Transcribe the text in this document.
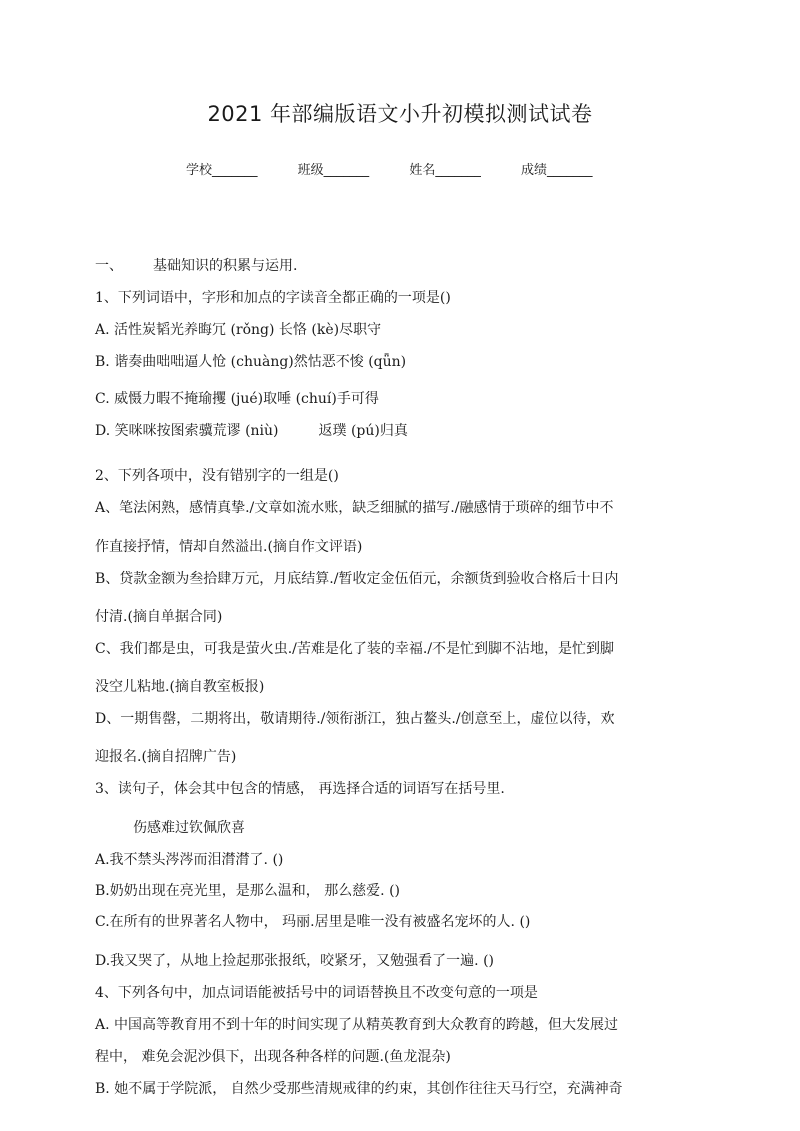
2021 年部编版语文小升初模拟测试试卷
学校_______	班级_______	姓名_______	成绩_______
一、 基础知识的积累与运用.
1、下列词语中，字形和加点的字读音全都正确的一项是()
A. 活性炭韬光养晦冗 (rǒng) 长恪 (kè)尽职守
B. 谐奏曲咄咄逼人怆 (chuàng)然怙恶不悛 (qǖn)
C. 威慑力暇不掩瑜攫 (jué)取唾 (chuí)手可得
D. 笑咪咪按图索骥荒谬 (niù)	返璞 (pú)归真
2、下列各项中，没有错别字的一组是()
A、笔法闲熟，感情真挚./文章如流水账，缺乏细腻的描写./融感情于琐碎的细节中不
作直接抒情，情却自然溢出.(摘自作文评语)
B、贷款金额为叁拾肆万元，月底结算./暂收定金伍佰元，余额货到验收合格后十日内
付清.(摘自单据合同)
C、我们都是虫，可我是萤火虫./苦难是化了装的幸福./不是忙到脚不沾地，是忙到脚
没空儿粘地.(摘自教室板报)
D、一期售罄，二期将出，敬请期待./领衔浙江，独占鳌头./创意至上，虚位以待，欢
迎报名.(摘自招牌广告)
3、读句子，体会其中包含的情感， 再选择合适的词语写在括号里.
伤感难过钦佩欣喜
A.我不禁头涔涔而泪潸潸了. ()
B.奶奶出现在亮光里，是那么温和， 那么慈爱. ()
C.在所有的世界著名人物中， 玛丽.居里是唯一没有被盛名宠坏的人. ()
D.我又哭了，从地上捡起那张报纸，咬紧牙，又勉强看了一遍. ()
4、下列各句中，加点词语能被括号中的词语替换且不改变句意的一项是
A. 中国高等教育用不到十年的时间实现了从精英教育到大众教育的跨越，但大发展过
程中， 难免会泥沙俱下，出现各种各样的问题.(鱼龙混杂)
B. 她不属于学院派， 自然少受那些清规戒律的约束，其创作往往天马行空，充满神奇
